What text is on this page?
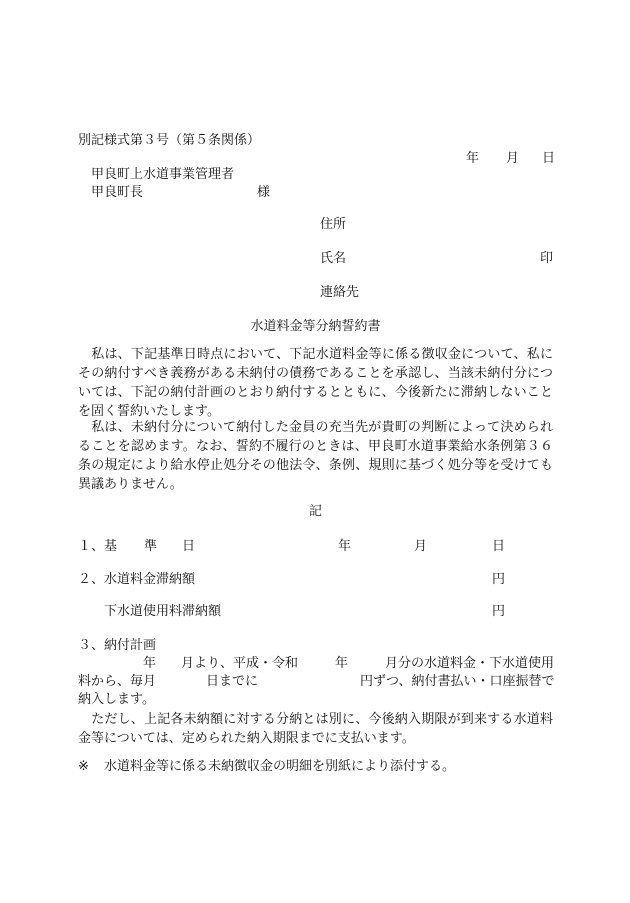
別記様式第３号（第５条関係）
年 月 日
甲良町上水道事業管理者
甲良町長	様
住所
氏名	印
連絡先
水道料金等分納誓約書
　私は、下記基準日時点において、下記水道料金等に係る徴収金について、私にその納付すべき義務がある未納付の債務であることを承認し、当該未納付分については、下記の納付計画のとおり納付するとともに、今後新たに滞納しないことを固く誓約いたします。
　私は、未納付分について納付した金員の充当先が貴町の判断によって決められることを認めます。なお、誓約不履行のときは、甲良町水道事業給水条例第３６条の規定により給水停止処分その他法令、条例、規則に基づく処分等を受けても異議ありません。
記
１、 基 準 日	年	月	日
２、 水道料金滞納額	円
下水道使用料滞納額	円
３、 納付計画
年 月より、平成・令和	年	月分の水道料金・下水道使用
料から、毎月	日までに	円ずつ、納付書払い・口座振替で
納入します。
　ただし、上記各未納額に対する分納とは別に、今後納入期限が到来する水道料金等については、定められた納入期限までに支払います。
※ 水道料金等に係る未納徴収金の明細を別紙により添付する。
